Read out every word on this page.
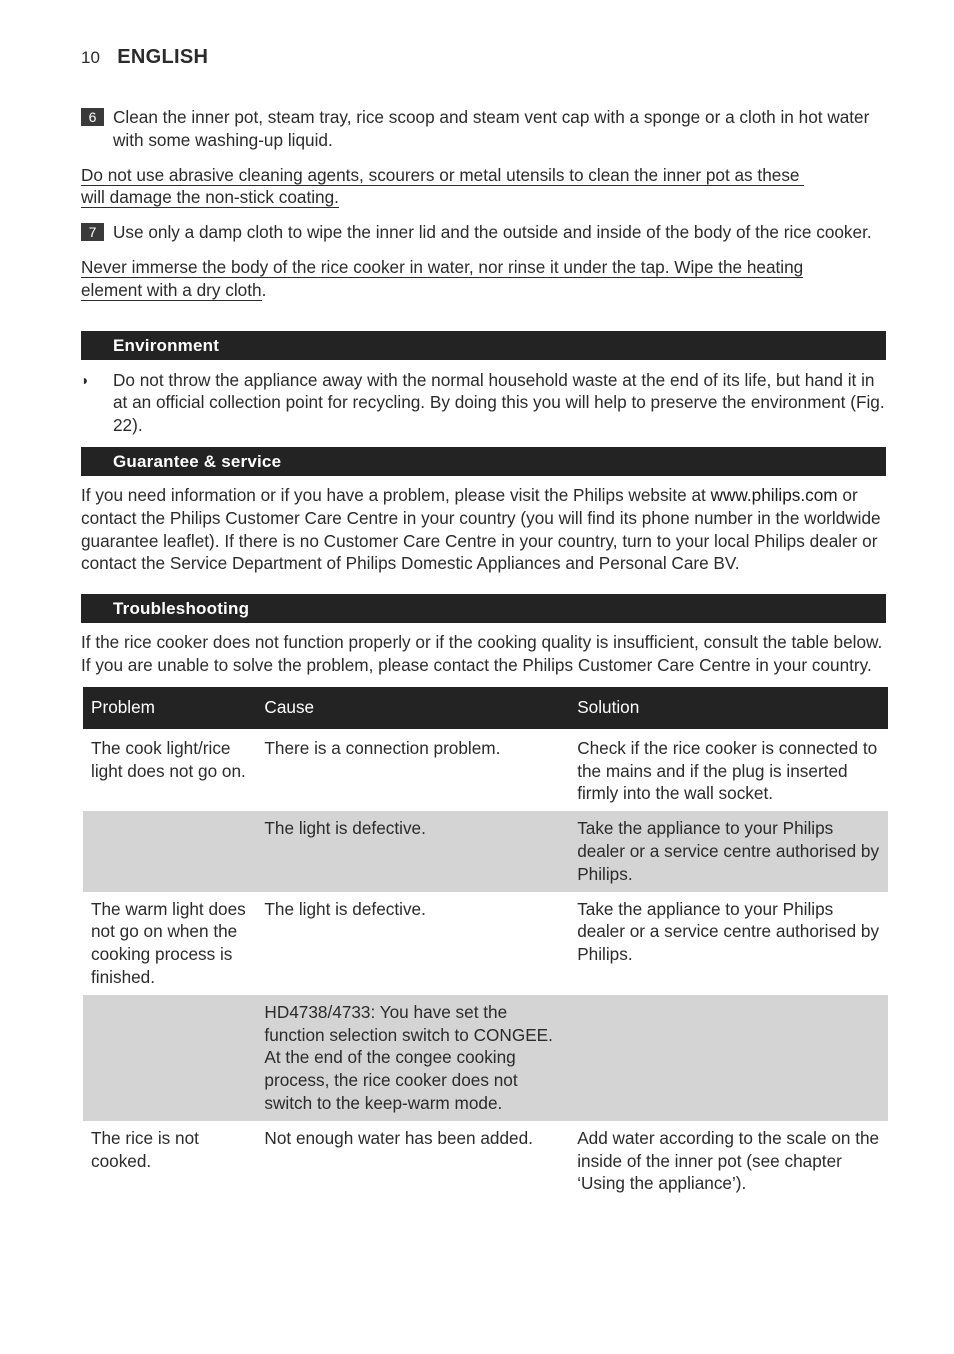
10 ENGLISH
6 Clean the inner pot, steam tray, rice scoop and steam vent cap with a sponge or a cloth in hot water with some washing-up liquid.
Do not use abrasive cleaning agents, scourers or metal utensils to clean the inner pot as these
will damage the non-stick coating.
7 Use only a damp cloth to wipe the inner lid and the outside and inside of the body of the rice cooker.
Never immerse the body of the rice cooker in water, nor rinse it under the tap. Wipe the heating
element with a dry cloth.
Environment
◗ Do not throw the appliance away with the normal household waste at the end of its life, but hand it in at an official collection point for recycling. By doing this you will help to preserve the environment (Fig. 22).
Guarantee & service
If you need information or if you have a problem, please visit the Philips website at www.philips.com or contact the Philips Customer Care Centre in your country (you will find its phone number in the worldwide guarantee leaflet). If there is no Customer Care Centre in your country, turn to your local Philips dealer or contact the Service Department of Philips Domestic Appliances and Personal Care BV.
Troubleshooting
If the rice cooker does not function properly or if the cooking quality is insufficient, consult the table below. If you are unable to solve the problem, please contact the Philips Customer Care Centre in your country.
Problem	Cause	Solution
The cook light/rice light does not go on.	There is a connection problem.	Check if the rice cooker is connected to the mains and if the plug is inserted firmly into the wall socket.
	The light is defective.	Take the appliance to your Philips dealer or a service centre authorised by Philips.
The warm light does not go on when the cooking process is finished.	The light is defective.	Take the appliance to your Philips dealer or a service centre authorised by Philips.
	HD4738/4733: You have set the function selection switch to CONGEE. At the end of the congee cooking process, the rice cooker does not switch to the keep-warm mode.	
The rice is not cooked.	Not enough water has been added.	Add water according to the scale on the inside of the inner pot (see chapter ‘Using the appliance’).
